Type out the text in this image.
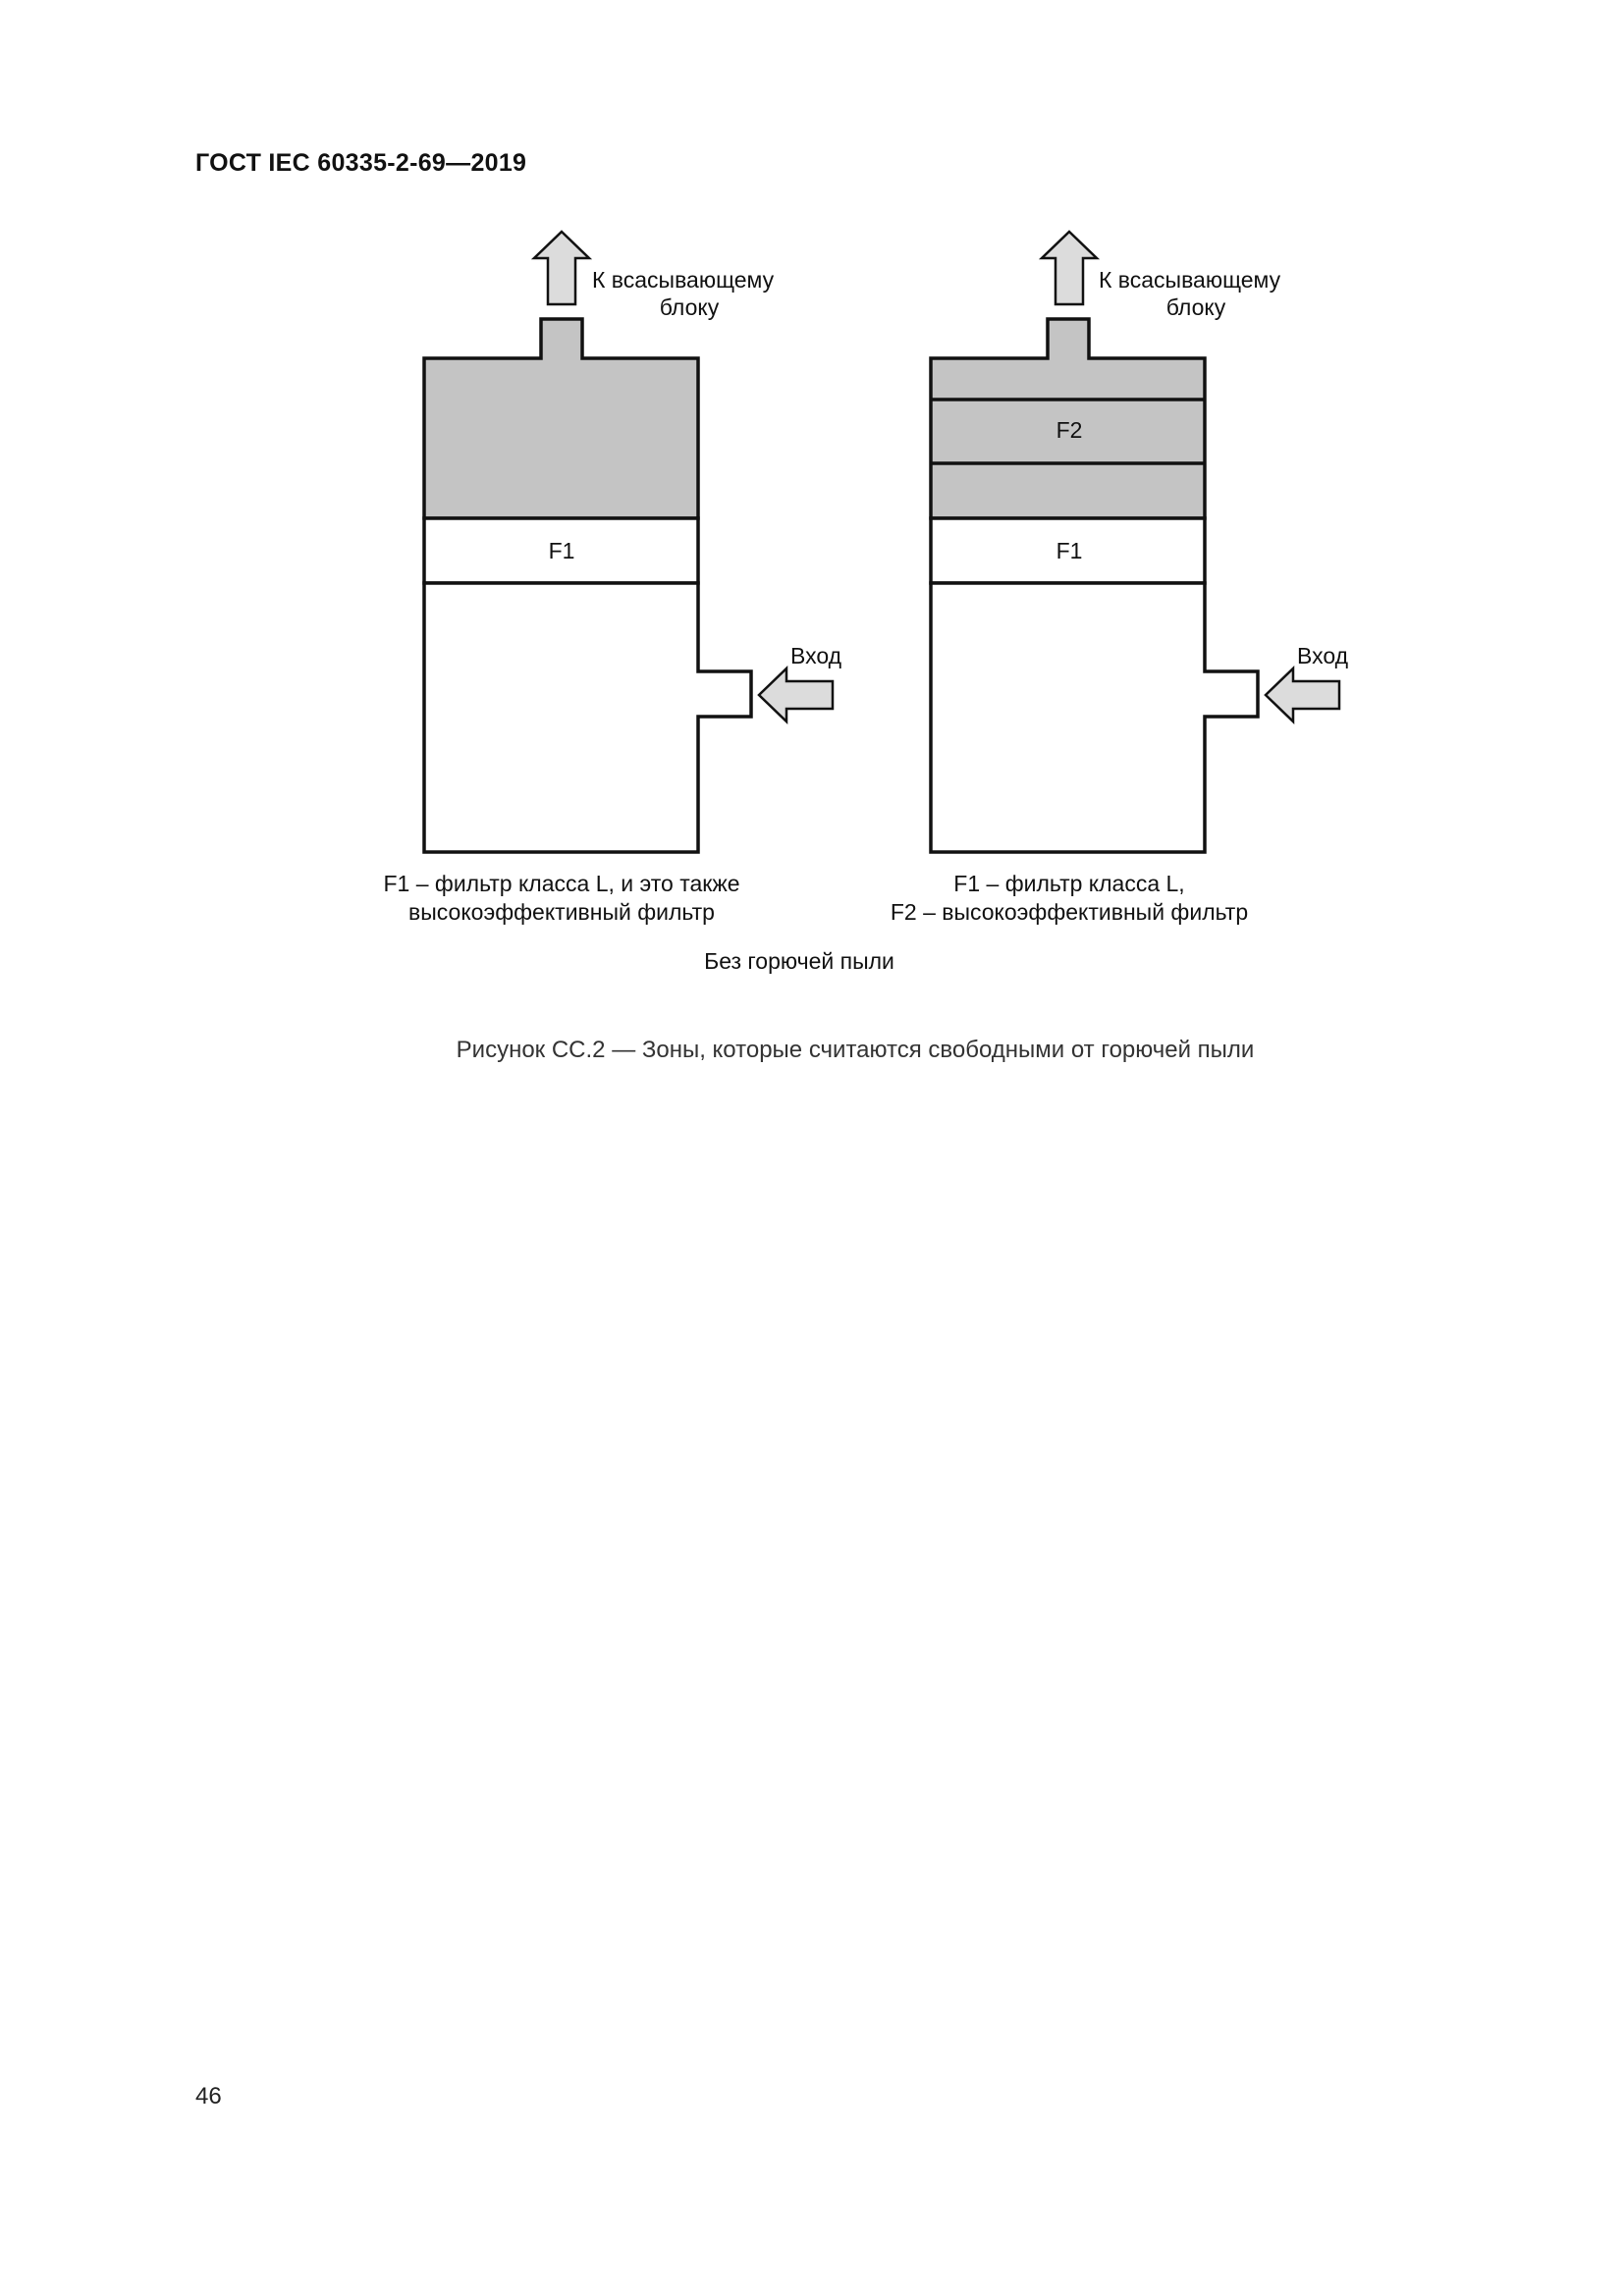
ГОСТ IEC 60335-2-69—2019
К всасывающему
блоку
F1
Вход
F1 – фильтр класса L, и это также
высокоэффективный фильтр
К всасывающему
блоку
F2
F1
Вход
F1 – фильтр класса L,
F2 – высокоэффективный фильтр
Без горючей пыли

Рисунок CC.2 — Зоны, которые считаются свободными от горючей пыли

46
